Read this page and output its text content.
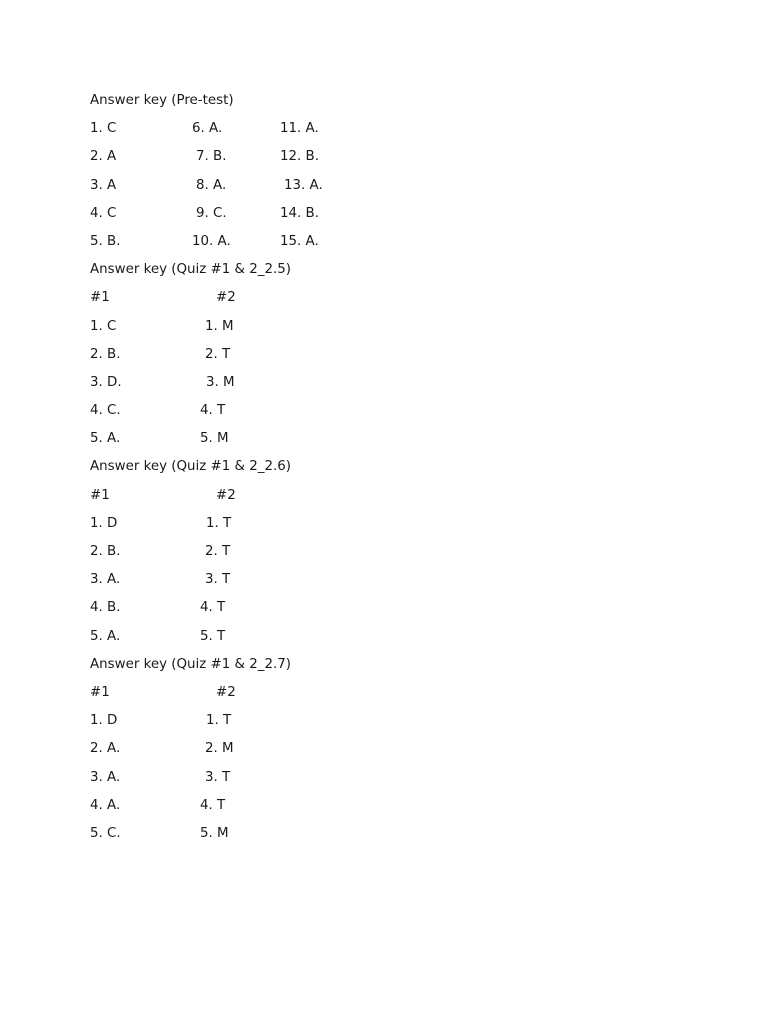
Answer key (Pre-test)
1. C	6. A.	11. A.
2. A	7. B.	12. B.
3. A	8. A.	13. A.
4. C	9. C.	14. B.
5. B.	10. A.	15. A.
Answer key (Quiz #1 & 2_2.5)
#1	#2
1. C	1. M
2. B.	2. T
3. D.	3. M
4. C.	4. T
5. A.	5. M
Answer key (Quiz #1 & 2_2.6)
#1	#2
1. D	1. T
2. B.	2. T
3. A.	3. T
4. B.	4. T
5. A.	5. T
Answer key (Quiz #1 & 2_2.7)
#1	#2
1. D	1. T
2. A.	2. M
3. A.	3. T
4. A.	4. T
5. C.	5. M
